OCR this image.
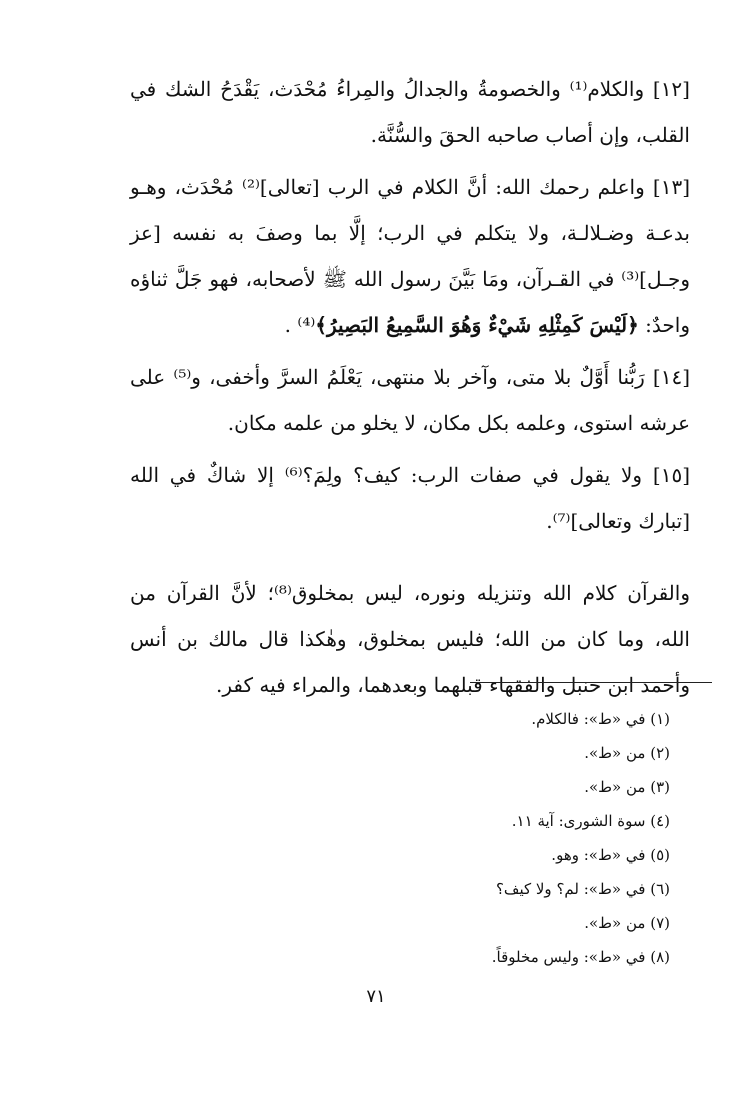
[١٢] والكلام⁽¹⁾ والخصومةُ والجدالُ والمِراءُ مُحْدَث، يَقْدَحُ الشك في القلب، وإن أصاب صاحبه الحقَ والسُّنَّة.

[١٣] واعلم رحمك الله: أنَّ الكلام في الرب [تعالى]⁽²⁾ مُحْدَث، وهـو بدعـة وضـلالـة، ولا يتكلم في الرب؛ إلَّا بما وصفَ به نفسه [عز وجـل]⁽³⁾ في القـرآن، ومَا بَيَّنَ رسول الله ﷺ لأصحابه، فهو جَلَّ ثناؤه واحدٌ: ﴿لَيْسَ كَمِثْلِهِ شَيْءٌ وَهُوَ السَّمِيعُ البَصِيرُ﴾⁽⁴⁾ .

[١٤] رَبُّنا أَوَّلٌ بلا متى، وآخر بلا منتهى، يَعْلَمُ السرَّ وأخفى، و⁽⁵⁾ على عرشه استوى، وعلمه بكل مكان، لا يخلو من علمه مكان.

[١٥] ولا يقول في صفات الرب: كيف؟ ولِمَ؟⁽⁶⁾ إلا شاكٌ في الله [تبارك وتعالى]⁽⁷⁾.

والقرآن كلام الله وتنزيله ونوره، ليس بمخلوق⁽⁸⁾؛ لأنَّ القرآن من الله، وما كان من الله؛ فليس بمخلوق، وهٰكذا قال مالك بن أنس وأحمد ابن حنبل والفقهاء قبلهما وبعدهما، والمراء فيه كفر.

(١) في «ط»: فالكلام.
(٢) من «ط».
(٣) من «ط».
(٤) سوة الشورى: آية ١١.
(٥) في «ط»: وهو.
(٦) في «ط»: لم؟ ولا كيف؟
(٧) من «ط».
(٨) في «ط»: وليس مخلوقاً.
٧١
